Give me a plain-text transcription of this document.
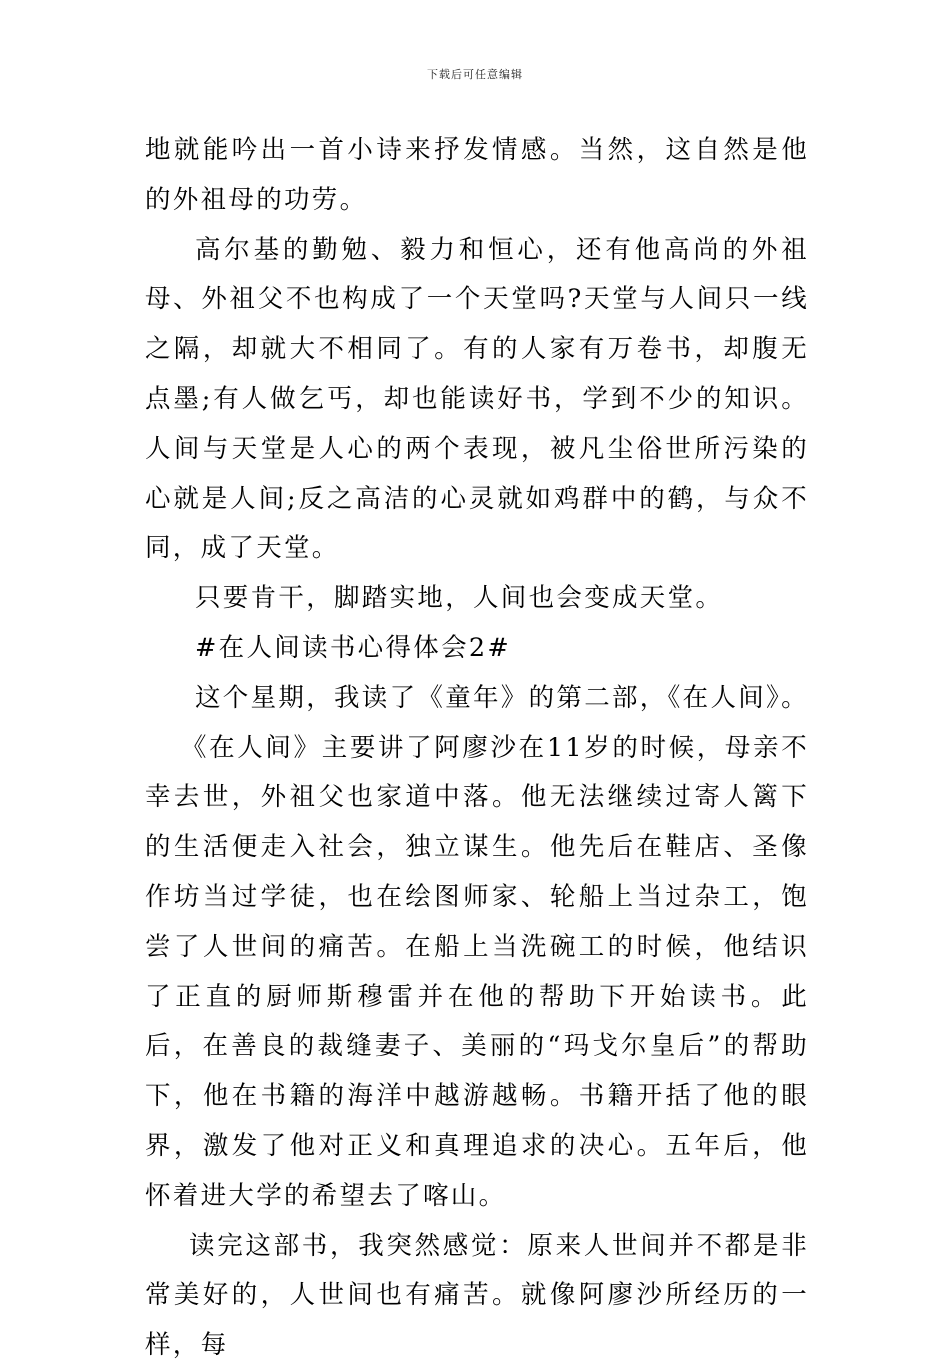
下载后可任意编辑

地就能吟出一首小诗来抒发情感。当然，这自然是他的外祖母的功劳。

高尔基的勤勉、毅力和恒心，还有他高尚的外祖母、外祖父不也构成了一个天堂吗?天堂与人间只一线之隔，却就大不相同了。有的人家有万卷书，却腹无点墨;有人做乞丐，却也能读好书，学到不少的知识。人间与天堂是人心的两个表现，被凡尘俗世所污染的心就是人间;反之高洁的心灵就如鸡群中的鹤，与众不同，成了天堂。

只要肯干，脚踏实地，人间也会变成天堂。

#在人间读书心得体会2#

这个星期，我读了《童年》的第二部，《在人间》。

《在人间》主要讲了阿廖沙在11岁的时候，母亲不幸去世，外祖父也家道中落。他无法继续过寄人篱下的生活便走入社会，独立谋生。他先后在鞋店、圣像作坊当过学徒，也在绘图师家、轮船上当过杂工，饱尝了人世间的痛苦。在船上当洗碗工的时候，他结识了正直的厨师斯穆雷并在他的帮助下开始读书。此后，在善良的裁缝妻子、美丽的“玛戈尔皇后”的帮助下，他在书籍的海洋中越游越畅。书籍开括了他的眼界，激发了他对正义和真理追求的决心。五年后，他怀着进大学的希望去了喀山。

读完这部书，我突然感觉：原来人世间并不都是非常美好的，人世间也有痛苦。就像阿廖沙所经历的一样，每
